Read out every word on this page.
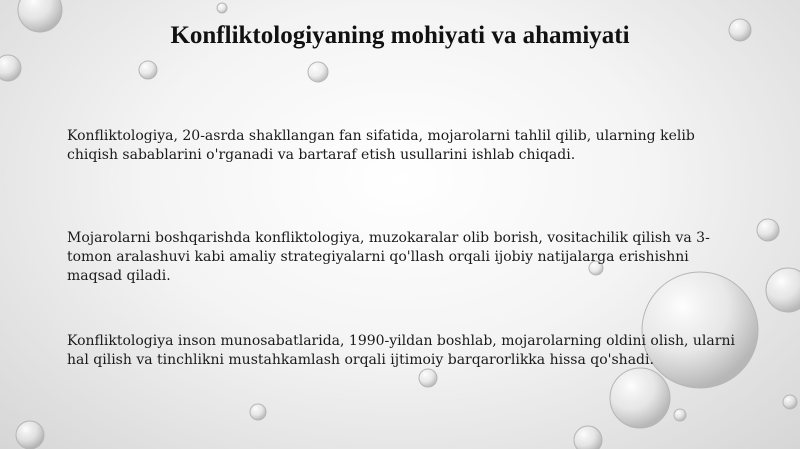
Konfliktologiyaning mohiyati va ahamiyati

Konfliktologiya, 20-asrda shakllangan fan sifatida, mojarolarni tahlil qilib, ularning kelib chiqish sabablarini o'rganadi va bartaraf etish usullarini ishlab chiqadi.

Mojarolarni boshqarishda konfliktologiya, muzokaralar olib borish, vositachilik qilish va 3-tomon aralashuvi kabi amaliy strategiyalarni qo'llash orqali ijobiy natijalarga erishishni maqsad qiladi.

Konfliktologiya inson munosabatlarida, 1990-yildan boshlab, mojarolarning oldini olish, ularni hal qilish va tinchlikni mustahkamlash orqali ijtimoiy barqarorlikka hissa qo'shadi.
